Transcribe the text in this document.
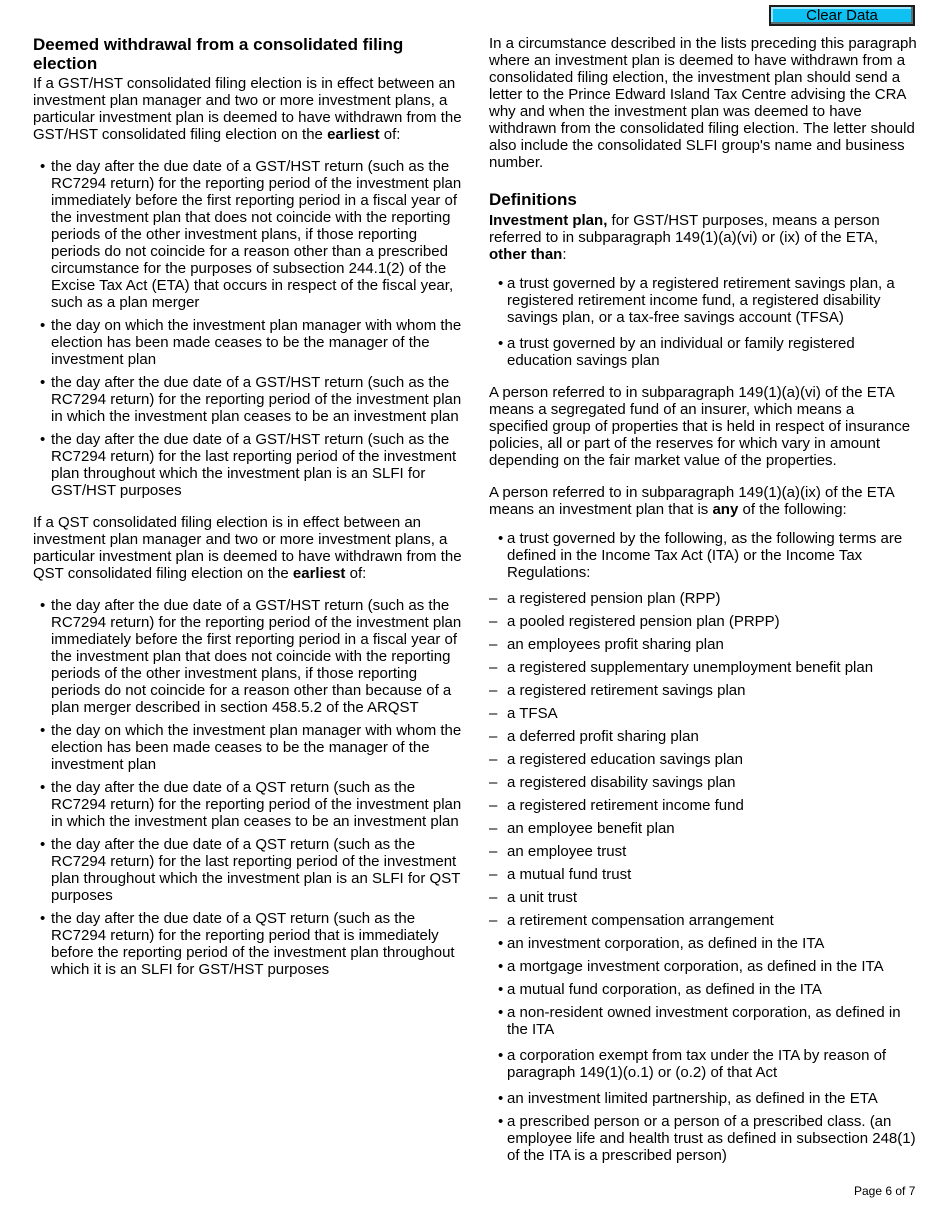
Clear Data
Deemed withdrawal from a consolidated filing election

If a GST/HST consolidated filing election is in effect between an investment plan manager and two or more investment plans, a particular investment plan is deemed to have withdrawn from the GST/HST consolidated filing election on the earliest of:

• the day after the due date of a GST/HST return (such as the RC7294 return) for the reporting period of the investment plan immediately before the first reporting period in a fiscal year of the investment plan that does not coincide with the reporting periods of the other investment plans, if those reporting periods do not coincide for a reason other than a prescribed circumstance for the purposes of subsection 244.1(2) of the Excise Tax Act (ETA) that occurs in respect of the fiscal year, such as a plan merger
• the day on which the investment plan manager with whom the election has been made ceases to be the manager of the investment plan
• the day after the due date of a GST/HST return (such as the RC7294 return) for the reporting period of the investment plan in which the investment plan ceases to be an investment plan
• the day after the due date of a GST/HST return (such as the RC7294 return) for the last reporting period of the investment plan throughout which the investment plan is an SLFI for GST/HST purposes

If a QST consolidated filing election is in effect between an investment plan manager and two or more investment plans, a particular investment plan is deemed to have withdrawn from the QST consolidated filing election on the earliest of:

• the day after the due date of a GST/HST return (such as the RC7294 return) for the reporting period of the investment plan immediately before the first reporting period in a fiscal year of the investment plan that does not coincide with the reporting periods of the other investment plans, if those reporting periods do not coincide for a reason other than because of a plan merger described in section 458.5.2 of the ARQST
• the day on which the investment plan manager with whom the election has been made ceases to be the manager of the investment plan
• the day after the due date of a QST return (such as the RC7294 return) for the reporting period of the investment plan in which the investment plan ceases to be an investment plan
• the day after the due date of a QST return (such as the RC7294 return) for the last reporting period of the investment plan throughout which the investment plan is an SLFI for QST purposes
• the day after the due date of a QST return (such as the RC7294 return) for the reporting period that is immediately before the reporting period of the investment plan throughout which it is an SLFI for GST/HST purposes

In a circumstance described in the lists preceding this paragraph where an investment plan is deemed to have withdrawn from a consolidated filing election, the investment plan should send a letter to the Prince Edward Island Tax Centre advising the CRA why and when the investment plan was deemed to have withdrawn from the consolidated filing election. The letter should also include the consolidated SLFI group's name and business number.

Definitions

Investment plan, for GST/HST purposes, means a person referred to in subparagraph 149(1)(a)(vi) or (ix) of the ETA, other than:

• a trust governed by a registered retirement savings plan, a registered retirement income fund, a registered disability savings plan, or a tax-free savings account (TFSA)
• a trust governed by an individual or family registered education savings plan

A person referred to in subparagraph 149(1)(a)(vi) of the ETA means a segregated fund of an insurer, which means a specified group of properties that is held in respect of insurance policies, all or part of the reserves for which vary in amount depending on the fair market value of the properties.

A person referred to in subparagraph 149(1)(a)(ix) of the ETA means an investment plan that is any of the following:

• a trust governed by the following, as the following terms are defined in the Income Tax Act (ITA) or the Income Tax Regulations:
– a registered pension plan (RPP)
– a pooled registered pension plan (PRPP)
– an employees profit sharing plan
– a registered supplementary unemployment benefit plan
– a registered retirement savings plan
– a TFSA
– a deferred profit sharing plan
– a registered education savings plan
– a registered disability savings plan
– a registered retirement income fund
– an employee benefit plan
– an employee trust
– a mutual fund trust
– a unit trust
– a retirement compensation arrangement
• an investment corporation, as defined in the ITA
• a mortgage investment corporation, as defined in the ITA
• a mutual fund corporation, as defined in the ITA
• a non-resident owned investment corporation, as defined in the ITA
• a corporation exempt from tax under the ITA by reason of paragraph 149(1)(o.1) or (o.2) of that Act
• an investment limited partnership, as defined in the ETA
• a prescribed person or a person of a prescribed class. (an employee life and health trust as defined in subsection 248(1) of the ITA is a prescribed person)
Page 6 of 7
